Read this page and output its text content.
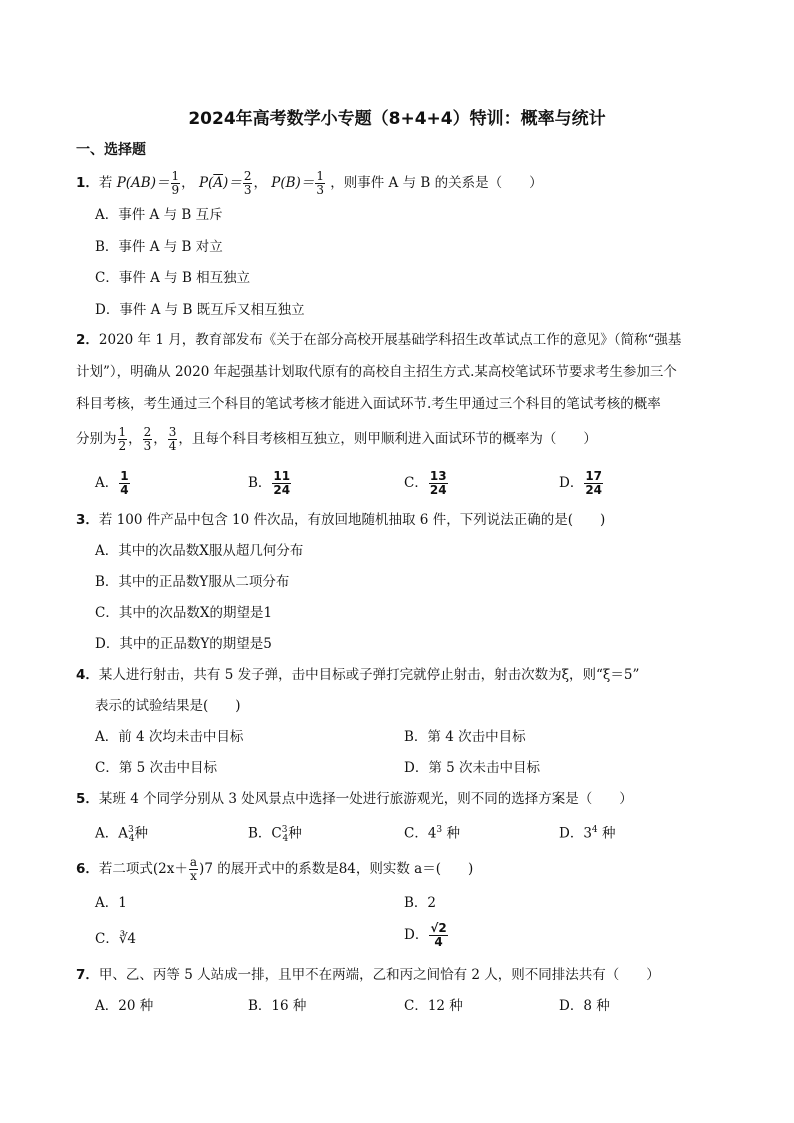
2024年高考数学小专题（8+4+4）特训：概率与统计
一、选择题
1．若 $P(AB)= \frac{1}{9}$ ， $P(\overline{A})= \frac{2}{3}$ ， $P(B)= \frac{1}{3}$ ，则事件 A 与 B 的关系是（　　）
A．事件 A 与 B 互斥
B．事件 A 与 B 对立
C．事件 A 与 B 相互独立
D．事件 A 与 B 既互斥又相互独立
2．2020 年 1 月，教育部发布《关于在部分高校开展基础学科招生改革试点工作的意见》（简称“强基
计划”），明确从 2020 年起强基计划取代原有的高校自主招生方式.某高校笔试环节要求考生参加三个
科目考核，考生通过三个科目的笔试考核才能进入面试环节.考生甲通过三个科目的笔试考核的概率
分别为 $\frac{1}{2}$ ， $\frac{2}{3}$ ， $\frac{3}{4}$ ，且每个科目考核相互独立，则甲顺利进入面试环节的概率为（　　）
A． $\frac{1}{4}$	B． $\frac{11}{24}$	C． $\frac{13}{24}$	D． $\frac{17}{24}$
3．若 100 件产品中包含 10 件次品，有放回地随机抽取 6 件，下列说法正确的是(　　)
A．其中的次品数X服从超几何分布
B．其中的正品数Y服从二项分布
C．其中的次品数X的期望是1
D．其中的正品数Y的期望是5
4．某人进行射击，共有 5 发子弹，击中目标或子弹打完就停止射击，射击次数为ξ，则“ξ＝5”
表示的试验结果是(　　)
A．前 4 次均未击中目标	B．第 4 次击中目标
C．第 5 次击中目标	D．第 5 次未击中目标
5．某班 4 个同学分别从 3 处风景点中选择一处进行旅游观光，则不同的选择方案是（　　）
A．$A^3_4$种	B．$C^3_4$种	C．$4^3$ 种	D．$3^4$ 种
6．若二项式$(2x+ \frac{a}{x} )7$ 的展开式中的系数是84，则实数 a＝(　　)
A．1	B．2
C．∛4	D． $\frac{√2}{4}$
7．甲、乙、丙等 5 人站成一排，且甲不在两端，乙和丙之间恰有 2 人，则不同排法共有（　　）
A．20 种	B．16 种	C．12 种	D．8 种
